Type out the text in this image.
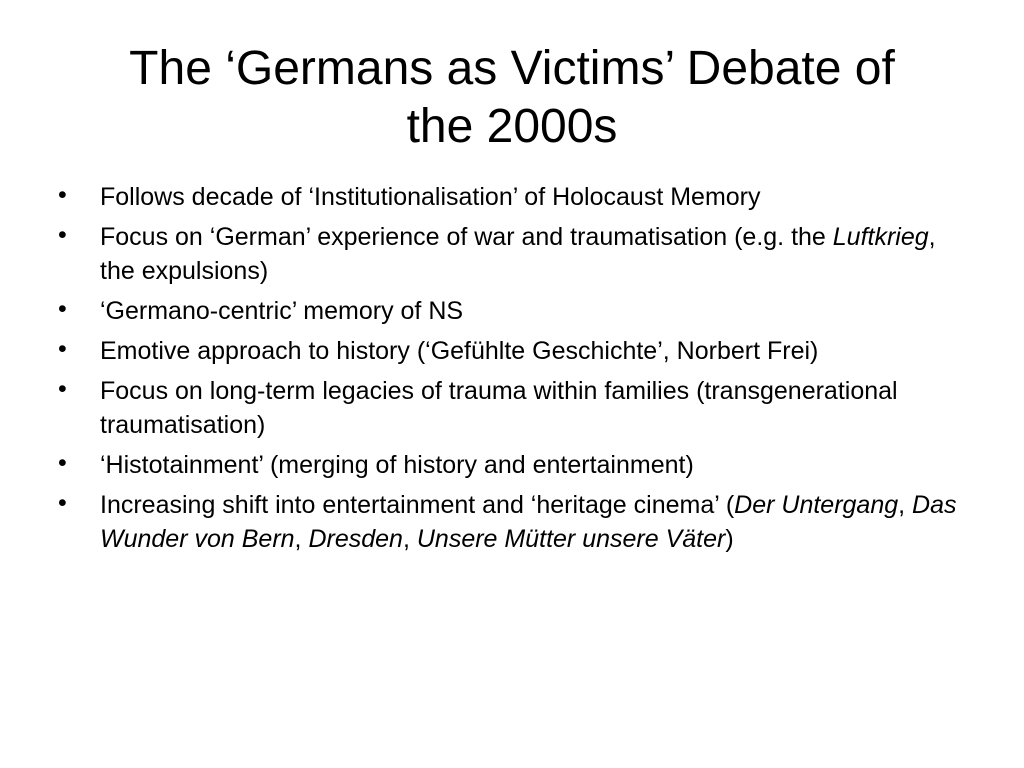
The ‘Germans as Victims’ Debate of
the 2000s
• Follows decade of ‘Institutionalisation’ of Holocaust Memory
• Focus on ‘German’ experience of war and traumatisation (e.g. the Luftkrieg, the expulsions)
• ‘Germano-centric’ memory of NS
• Emotive approach to history (‘Gefühlte Geschichte’, Norbert Frei)
• Focus on long-term legacies of trauma within families (transgenerational traumatisation)
• ‘Histotainment’ (merging of history and entertainment)
• Increasing shift into entertainment and ‘heritage cinema’ (Der Untergang, Das Wunder von Bern, Dresden, Unsere Mütter unsere Väter)
